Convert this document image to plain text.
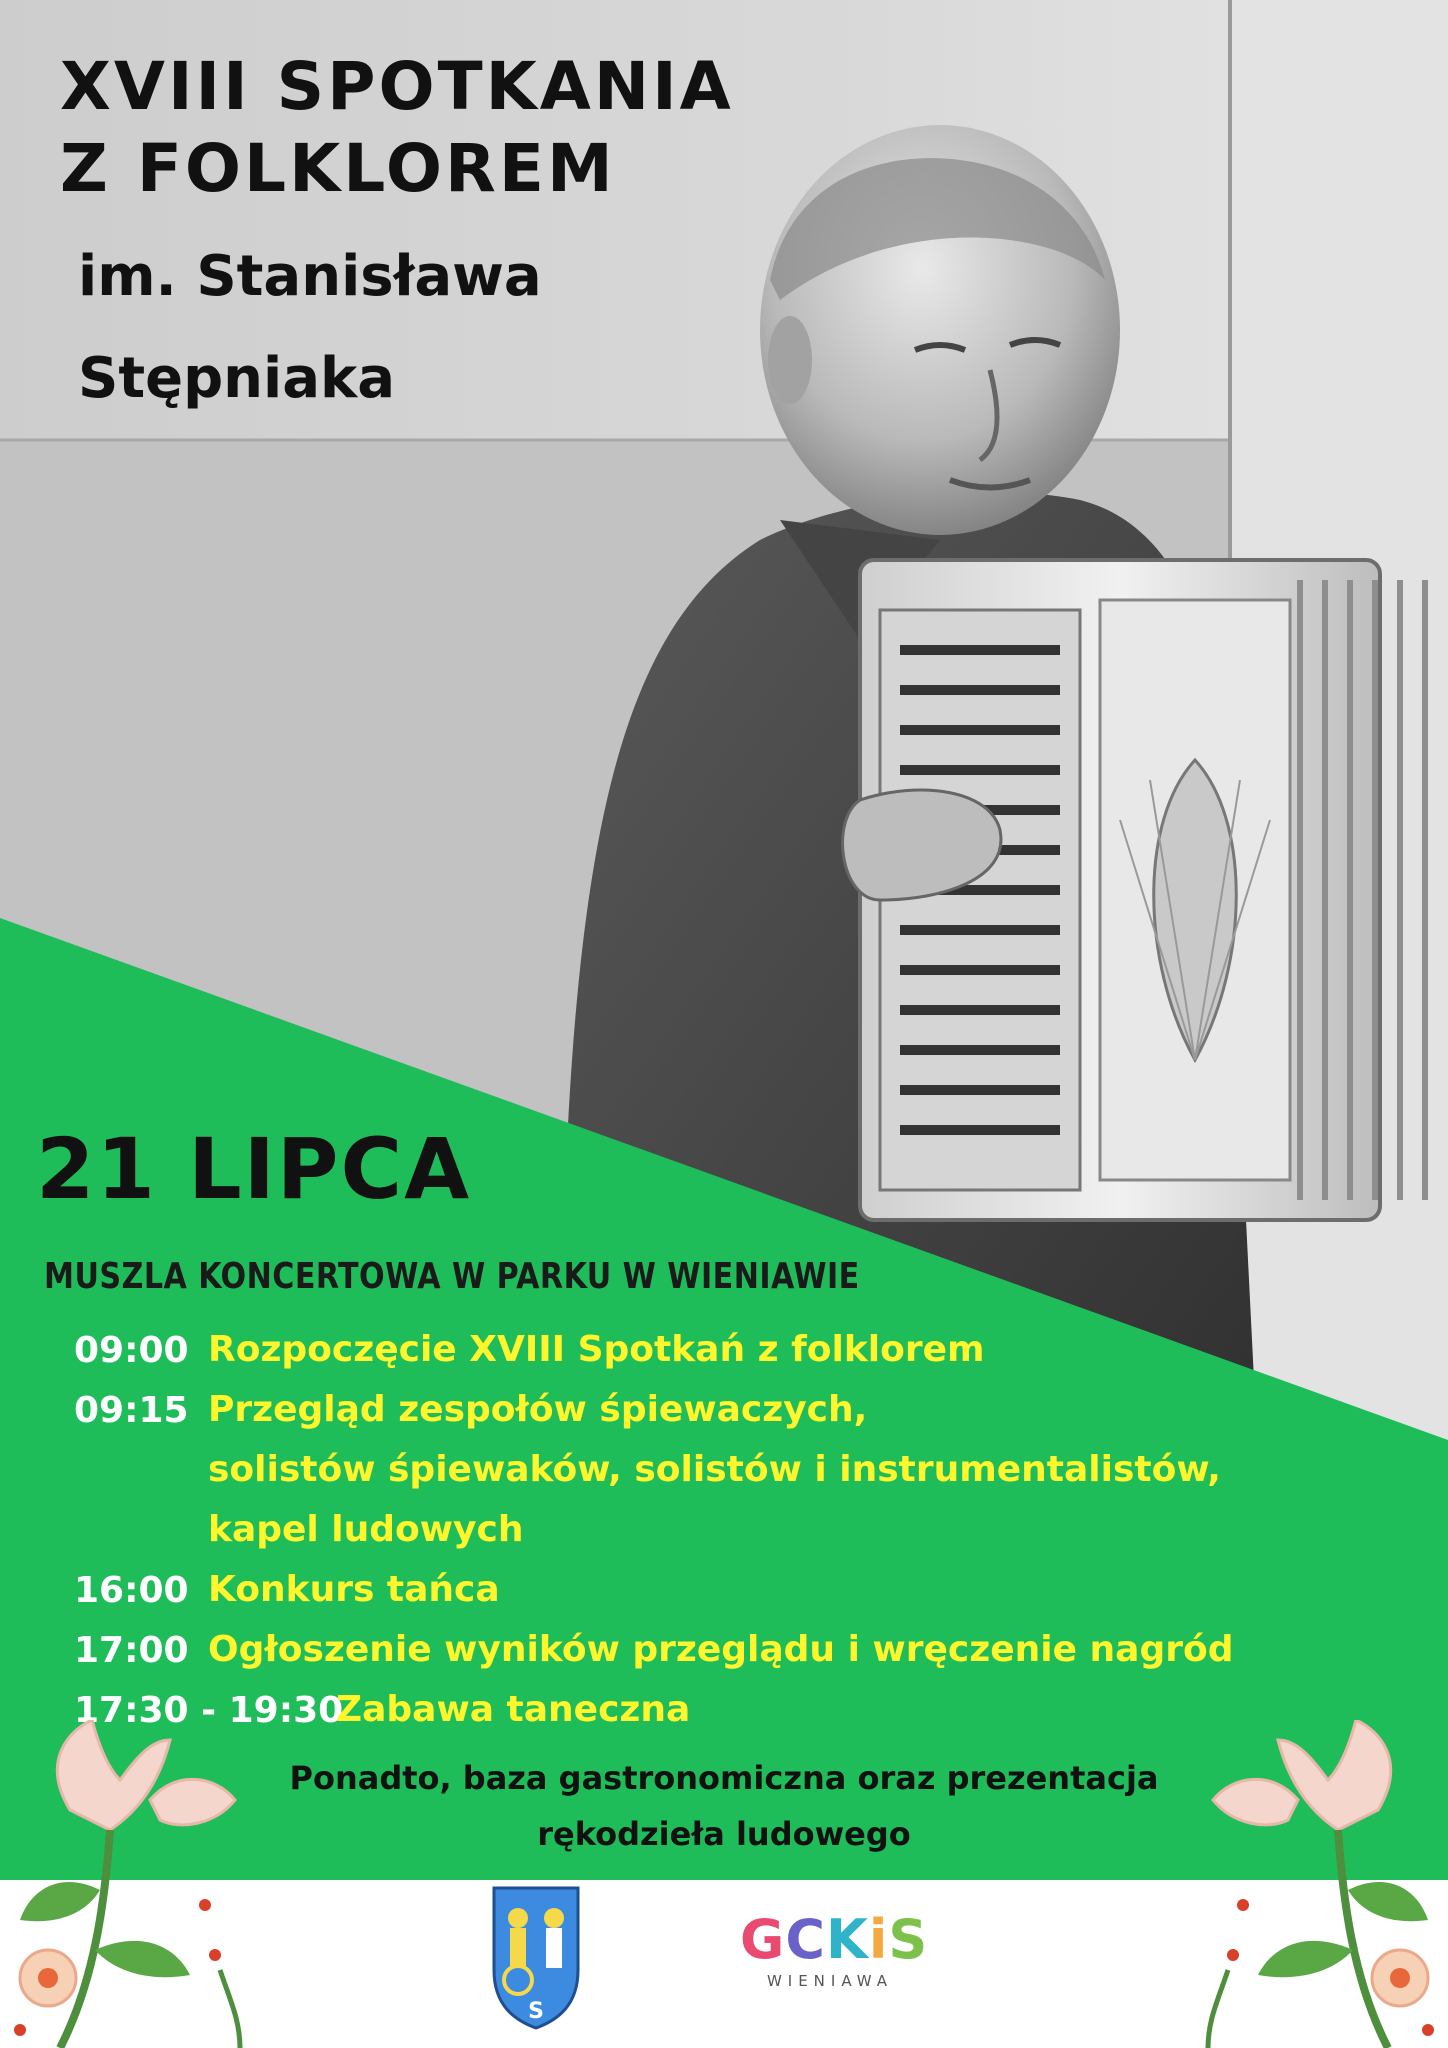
XVIII SPOTKANIA
Z FOLKLOREM
im. Stanisława
Stępniaka
21 LIPCA
MUSZLA KONCERTOWA W PARKU W WIENIAWIE
09:00 Rozpoczęcie XVIII Spotkań z folklorem
09:15 Przegląd zespołów śpiewaczych,
solistów śpiewaków, solistów i instrumentalistów,
kapel ludowych
16:00 Konkurs tańca
17:00 Ogłoszenie wyników przeglądu i wręczenie nagród
17:30 - 19:30
Zabawa taneczna
Ponadto, baza gastronomiczna oraz prezentacja
rękodzieła ludowego
S
GCKiS
WIENIAWA
